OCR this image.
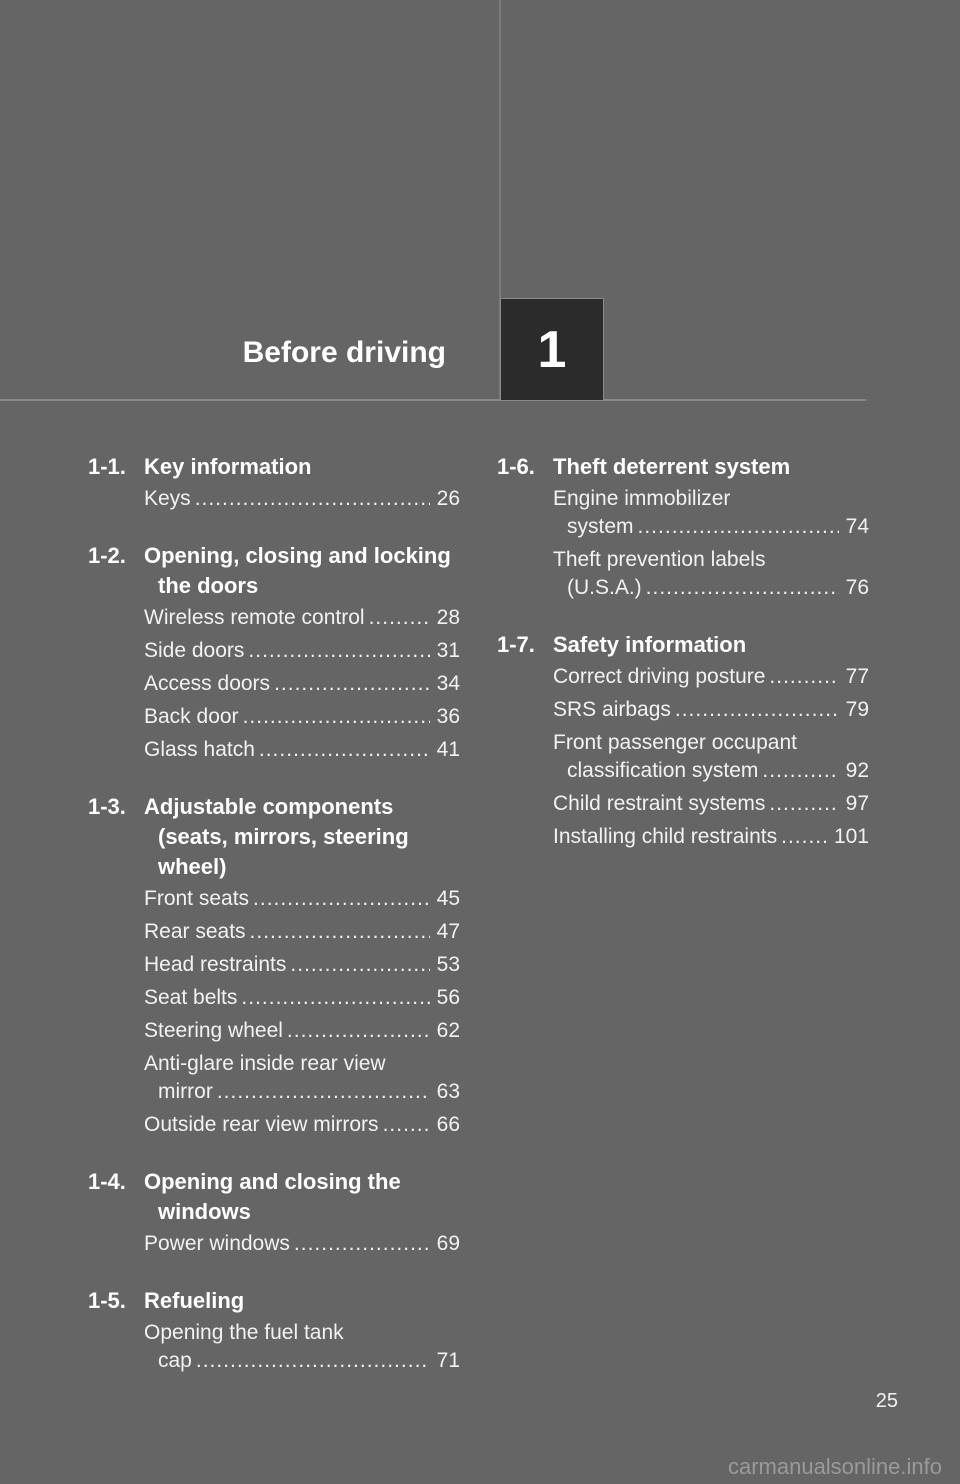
Before driving 1
1-1. Key information
Keys .....	26
1-2. Opening, closing and locking the doors
Wireless remote control .....	28
Side doors .....	31
Access doors .....	34
Back door .....	36
Glass hatch .....	41
1-3. Adjustable components (seats, mirrors, steering wheel)
Front seats .....	45
Rear seats .....	47
Head restraints .....	53
Seat belts .....	56
Steering wheel .....	62
Anti-glare inside rear view
mirror .....	63
Outside rear view mirrors .....	66
1-4. Opening and closing the windows
Power windows .....	69
1-5. Refueling
Opening the fuel tank
cap .....	71
1-6. Theft deterrent system
Engine immobilizer
system .....	74
Theft prevention labels
(U.S.A.) .....	76
1-7. Safety information
Correct driving posture .....	77
SRS airbags .....	79
Front passenger occupant
classification system .....	92
Child restraint systems .....	97
Installing child restraints .....	101
25
carmanualsonline.info
